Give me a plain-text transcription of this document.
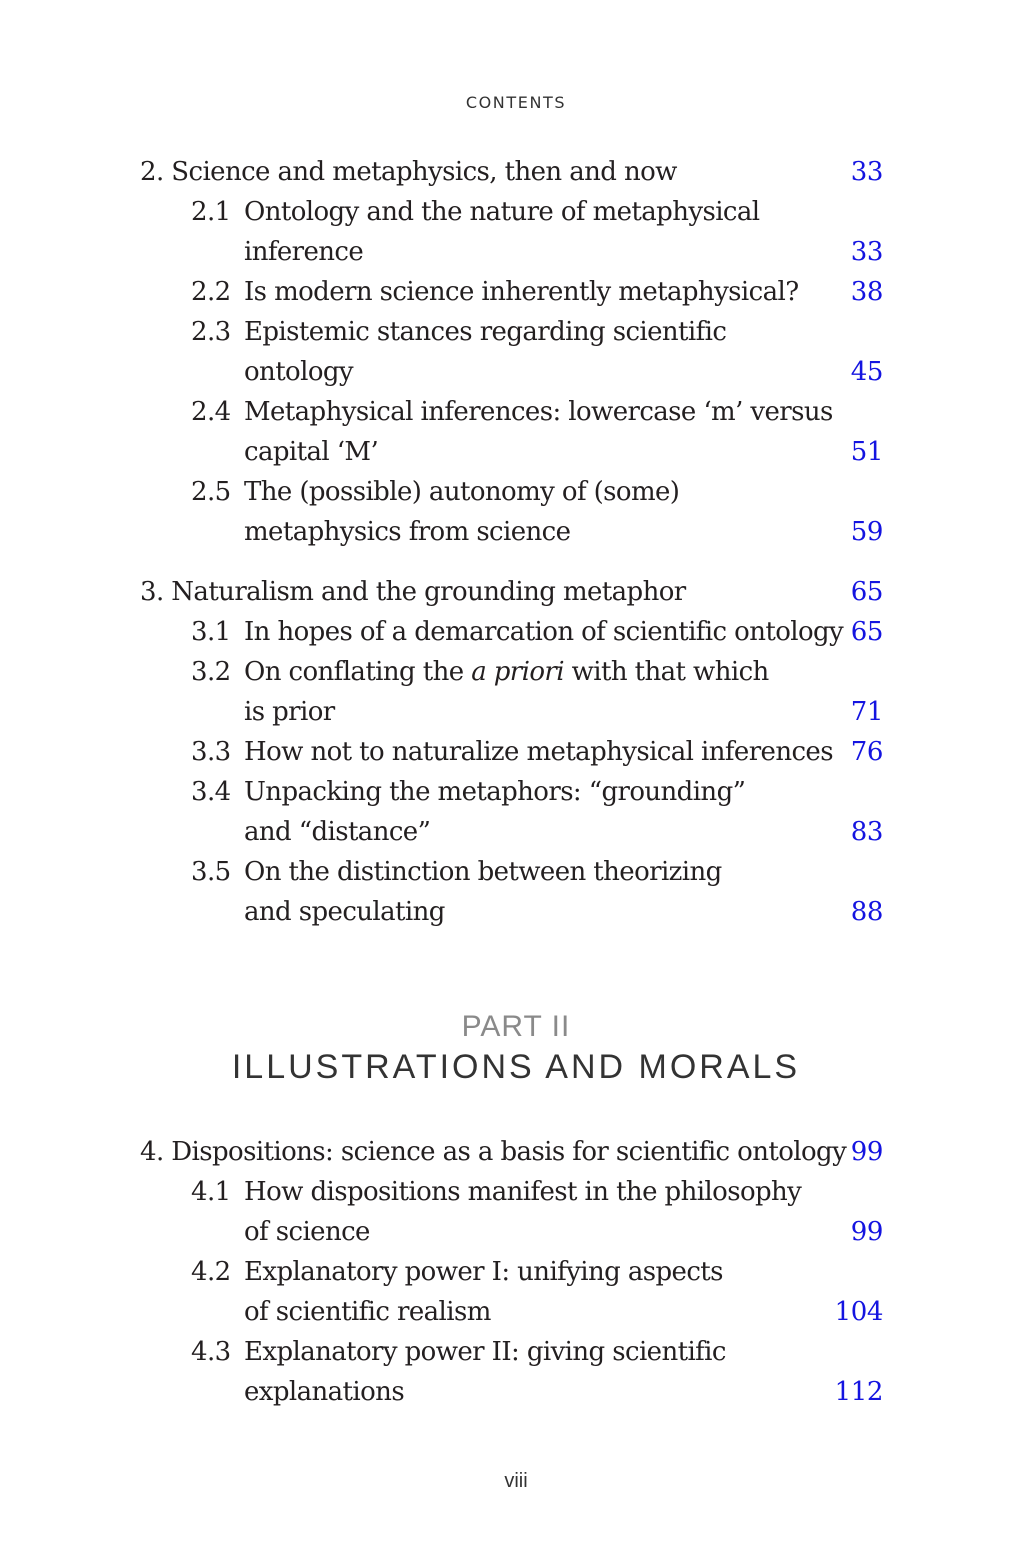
CONTENTS
2. Science and metaphysics, then and now	33
2.1 Ontology and the nature of metaphysical
inference	33
2.2 Is modern science inherently metaphysical? 38
2.3 Epistemic stances regarding scientific
ontology	45
2.4 Metaphysical inferences: lowercase ‘m’ versus
capital ‘M’	51
2.5 The (possible) autonomy of (some)
metaphysics from science	59
3. Naturalism and the grounding metaphor	65
3.1 In hopes of a demarcation of scientific ontology 65
3.2 On conflating the a priori with that which
is prior	71
3.3 How not to naturalize metaphysical inferences 76
3.4 Unpacking the metaphors: “grounding”
and “distance”	83
3.5 On the distinction between theorizing
and speculating	88
4. Dispositions: science as a basis for scientific ontology 99
4.1 How dispositions manifest in the philosophy
of science	99
4.2 Explanatory power I: unifying aspects
of scientific realism	104
4.3 Explanatory power II: giving scientific
explanations	112
PART II
ILLUSTRATIONS AND MORALS
viii
